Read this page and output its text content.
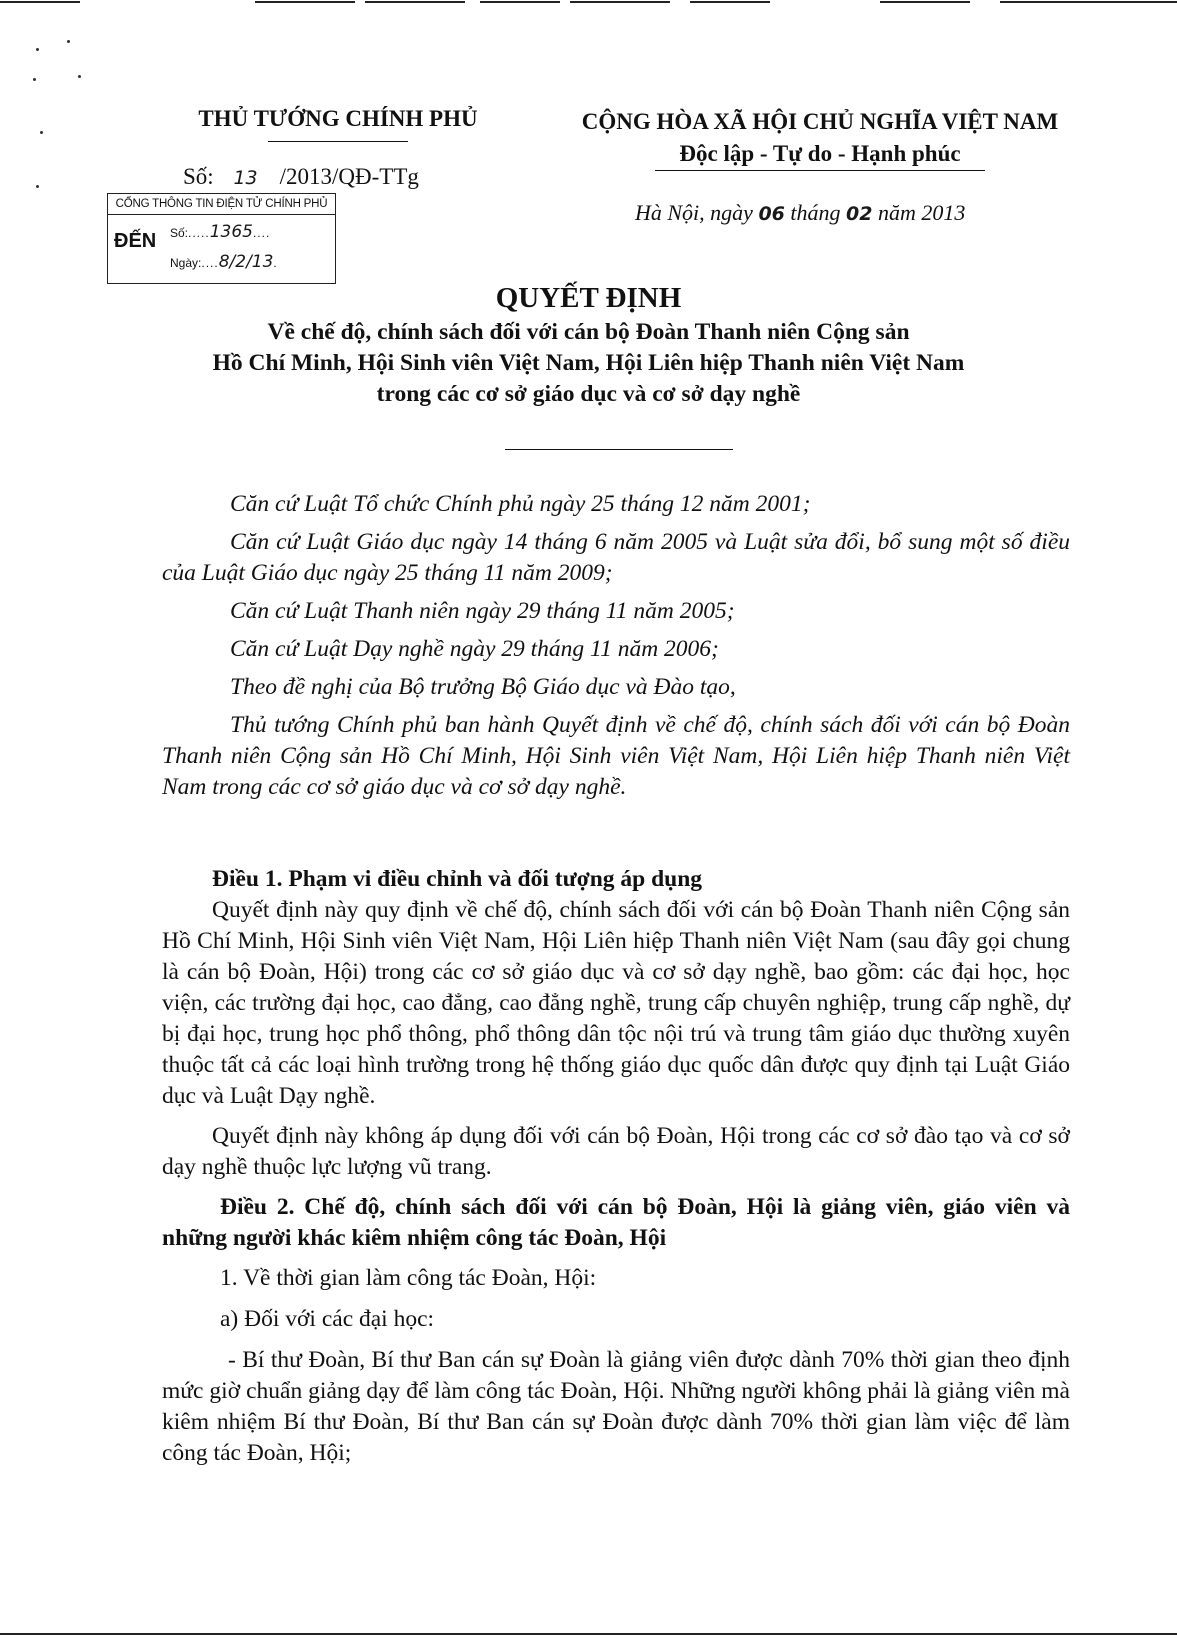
THỦ TƯỚNG CHÍNH PHỦ	CỘNG HÒA XÃ HỘI CHỦ NGHĨA VIỆT NAM
Độc lập - Tự do - Hạnh phúc
Số: 13 /2013/QĐ-TTg
Hà Nội, ngày 06 tháng 02 năm 2013
CỔNG THÔNG TIN ĐIỆN TỬ CHÍNH PHỦ
ĐẾN Số:.....1365....
Ngày:....8/2/13.
QUYẾT ĐỊNH
Về chế độ, chính sách đối với cán bộ Đoàn Thanh niên Cộng sản
Hồ Chí Minh, Hội Sinh viên Việt Nam, Hội Liên hiệp Thanh niên Việt Nam
trong các cơ sở giáo dục và cơ sở dạy nghề

Căn cứ Luật Tổ chức Chính phủ ngày 25 tháng 12 năm 2001;

Căn cứ Luật Giáo dục ngày 14 tháng 6 năm 2005 và Luật sửa đổi, bổ sung một số điều của Luật Giáo dục ngày 25 tháng 11 năm 2009;

Căn cứ Luật Thanh niên ngày 29 tháng 11 năm 2005;

Căn cứ Luật Dạy nghề ngày 29 tháng 11 năm 2006;

Theo đề nghị của Bộ trưởng Bộ Giáo dục và Đào tạo,

Thủ tướng Chính phủ ban hành Quyết định về chế độ, chính sách đối với cán bộ Đoàn Thanh niên Cộng sản Hồ Chí Minh, Hội Sinh viên Việt Nam, Hội Liên hiệp Thanh niên Việt Nam trong các cơ sở giáo dục và cơ sở dạy nghề.

Điều 1. Phạm vi điều chỉnh và đối tượng áp dụng

Quyết định này quy định về chế độ, chính sách đối với cán bộ Đoàn Thanh niên Cộng sản Hồ Chí Minh, Hội Sinh viên Việt Nam, Hội Liên hiệp Thanh niên Việt Nam (sau đây gọi chung là cán bộ Đoàn, Hội) trong các cơ sở giáo dục và cơ sở dạy nghề, bao gồm: các đại học, học viện, các trường đại học, cao đẳng, cao đẳng nghề, trung cấp chuyên nghiệp, trung cấp nghề, dự bị đại học, trung học phổ thông, phổ thông dân tộc nội trú và trung tâm giáo dục thường xuyên thuộc tất cả các loại hình trường trong hệ thống giáo dục quốc dân được quy định tại Luật Giáo dục và Luật Dạy nghề.

Quyết định này không áp dụng đối với cán bộ Đoàn, Hội trong các cơ sở đào tạo và cơ sở dạy nghề thuộc lực lượng vũ trang.

Điều 2. Chế độ, chính sách đối với cán bộ Đoàn, Hội là giảng viên, giáo viên và những người khác kiêm nhiệm công tác Đoàn, Hội

1. Về thời gian làm công tác Đoàn, Hội:

a) Đối với các đại học:

- Bí thư Đoàn, Bí thư Ban cán sự Đoàn là giảng viên được dành 70% thời gian theo định mức giờ chuẩn giảng dạy để làm công tác Đoàn, Hội. Những người không phải là giảng viên mà kiêm nhiệm Bí thư Đoàn, Bí thư Ban cán sự Đoàn được dành 70% thời gian làm việc để làm công tác Đoàn, Hội;
